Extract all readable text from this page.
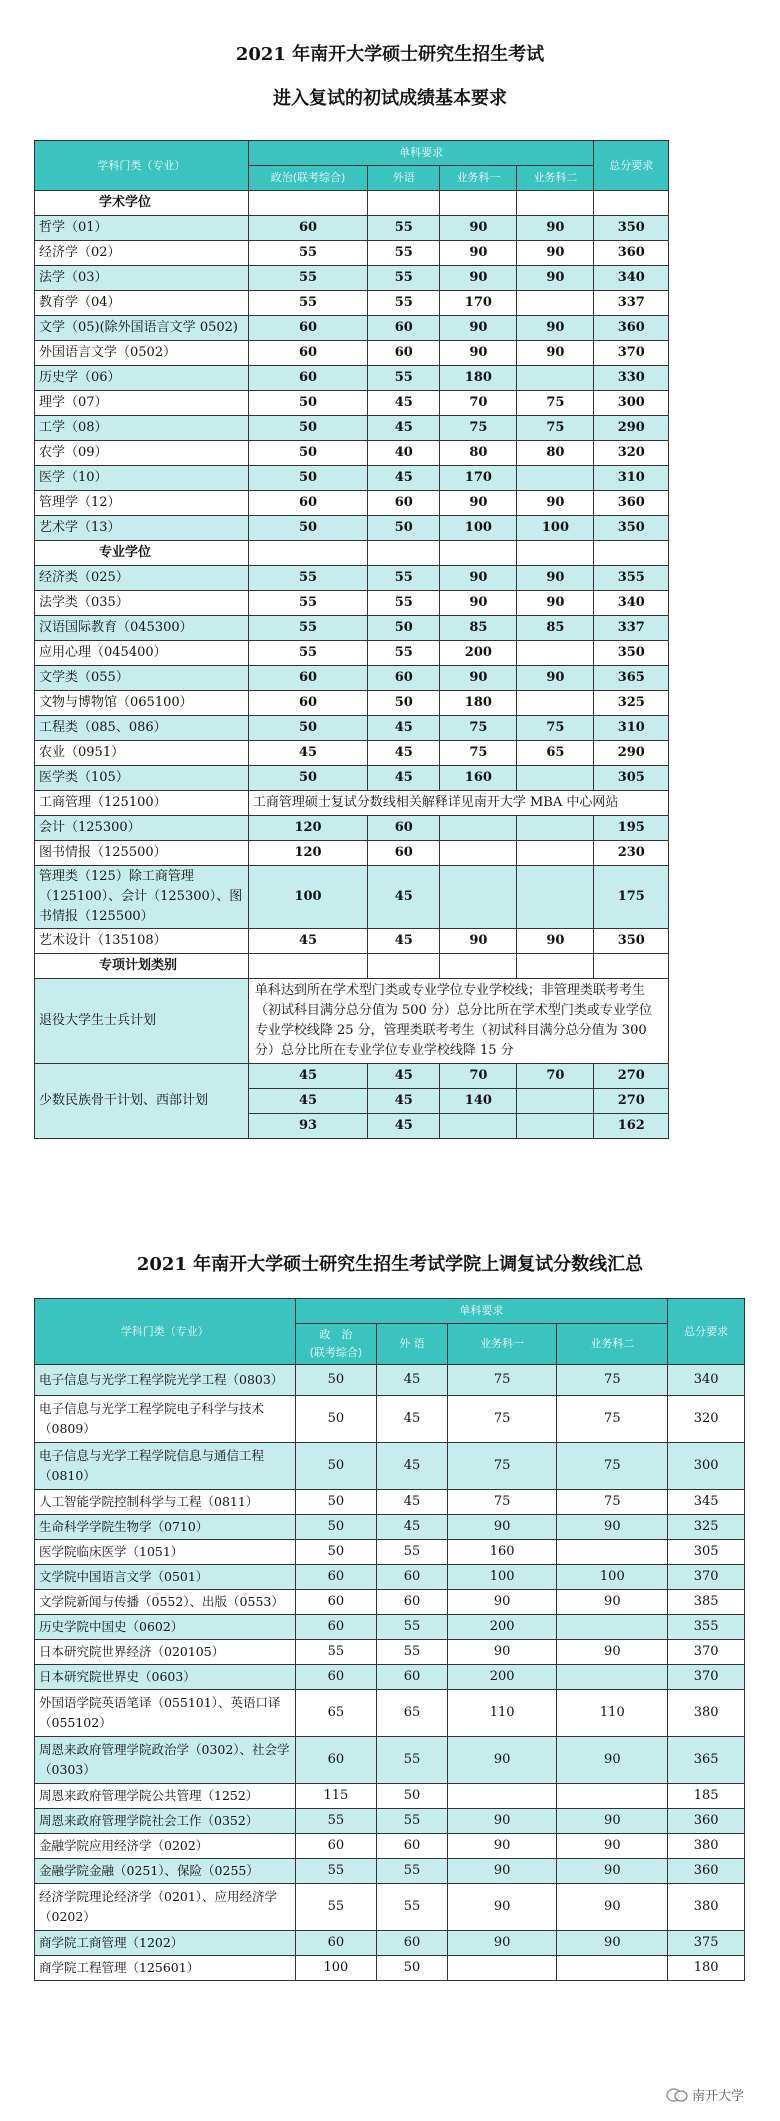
2021 年南开大学硕士研究生招生考试
进入复试的初试成绩基本要求
学科门类（专业）	单科要求				总分要求
	政治(联考综合)	外语	业务科一	业务科二	
学术学位					
哲学（01）	60	55	90	90	350
经济学（02）	55	55	90	90	360
法学（03）	55	55	90	90	340
教育学（04）	55	55	170		337
文学（05)(除外国语言文学 0502)	60	60	90	90	360
外国语言文学（0502）	60	60	90	90	370
历史学（06）	60	55	180		330
理学（07）	50	45	70	75	300
工学（08）	50	45	75	75	290
农学（09）	50	40	80	80	320
医学（10）	50	45	170		310
管理学（12）	60	60	90	90	360
艺术学（13）	50	50	100	100	350
专业学位					
经济类（025）	55	55	90	90	355
法学类（035）	55	55	90	90	340
汉语国际教育（045300）	55	50	85	85	337
应用心理（045400）	55	55	200		350
文学类（055）	60	60	90	90	365
文物与博物馆（065100）	60	50	180		325
工程类（085、086）	50	45	75	75	310
农业（0951）	45	45	75	65	290
医学类（105）	50	45	160		305
工商管理（125100）	工商管理硕士复试分数线相关解释详见南开大学 MBA 中心网站				
会计（125300）	120	60			195
图书情报（125500）	120	60			230
管理类（125）除工商管理（125100）、会计（125300）、图书情报（125500）	100	45			175
艺术设计（135108）	45	45	90	90	350
专项计划类别					
退役大学生士兵计划	单科达到所在学术型门类或专业学位专业学校线；非管理类联考考生（初试科目满分总分值为 500 分）总分比所在学术型门类或专业学位专业学校线降 25 分，管理类联考考生（初试科目满分总分值为 300 分）总分比所在专业学位专业学校线降 15 分				
少数民族骨干计划、西部计划	45	45	70	70	270
	45	45	140		270
	93	45			162
2021 年南开大学硕士研究生招生考试学院上调复试分数线汇总
学科门类（专业）	单科要求				总分要求
	政　治
(联考综合)	外 语	业务科一	业务科二	
电子信息与光学工程学院光学工程（0803）	50	45	75	75	340
电子信息与光学工程学院电子科学与技术（0809）	50	45	75	75	320
电子信息与光学工程学院信息与通信工程（0810）	50	45	75	75	300
人工智能学院控制科学与工程（0811）	50	45	75	75	345
生命科学学院生物学（0710）	50	45	90	90	325
医学院临床医学（1051）	50	55	160		305
文学院中国语言文学（0501）	60	60	100	100	370
文学院新闻与传播（0552）、出版（0553）	60	60	90	90	385
历史学院中国史（0602）	60	55	200		355
日本研究院世界经济（020105）	55	55	90	90	370
日本研究院世界史（0603）	60	60	200		370
外国语学院英语笔译（055101）、英语口译（055102）	65	65	110	110	380
周恩来政府管理学院政治学（0302）、社会学（0303）	60	55	90	90	365
周恩来政府管理学院公共管理（1252）	115	50			185
周恩来政府管理学院社会工作（0352）	55	55	90	90	360
金融学院应用经济学（0202）	60	60	90	90	380
金融学院金融（0251）、保险（0255）	55	55	90	90	360
经济学院理论经济学（0201）、应用经济学（0202）	55	55	90	90	380
商学院工商管理（1202）	60	60	90	90	375
商学院工程管理（125601）	100	50			180
南开大学
